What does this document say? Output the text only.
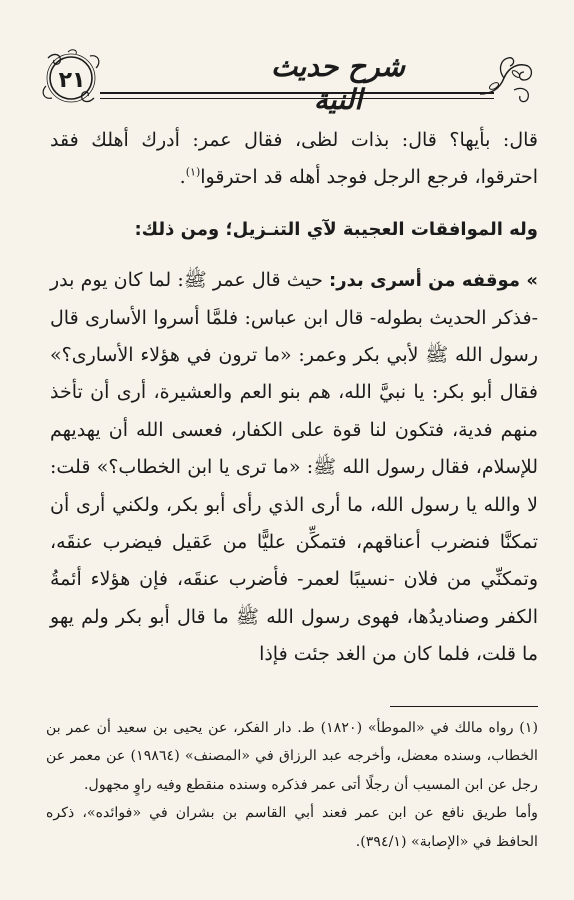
٢١	شرح حديث النية

قال: بأيها؟ قال: بذات لظى، فقال عمر: أدرك أهلك فقد احترقوا، فرجع الرجل فوجد أهله قد احترقوا$^{(١)}$.

وله الموافقات العجيبة لآي التنـزيل؛ ومن ذلك:

» موقفه من أسرى بدر: حيث قال عمر ﷺ: لما كان يوم بدر -فذكر الحديث بطوله- قال ابن عباس: فلمَّا أسروا الأسارى قال رسول الله ﷺ لأبي بكر وعمر: «ما ترون في هؤلاء الأسارى؟» فقال أبو بكر: يا نبيَّ الله، هم بنو العم والعشيرة، أرى أن تأخذ منهم فدية، فتكون لنا قوة على الكفار، فعسى الله أن يهديهم للإسلام، فقال رسول الله ﷺ: «ما ترى يا ابن الخطاب؟» قلت: لا والله يا رسول الله، ما أرى الذي رأى أبو بكر، ولكني أرى أن تمكنَّا فنضرب أعناقهم، فتمكِّن عليًّا من عَقيل فيضرب عنقَه، وتمكنِّي من فلان -نسيبًا لعمر- فأضرب عنقَه، فإن هؤلاء أئمةُ الكفر وصناديدُها، فهوى رسول الله ﷺ ما قال أبو بكر ولم يهو ما قلت، فلما كان من الغد جئت فإذا

(١) رواه مالك في «الموطأ» (١٨٢٠) ط. دار الفكر، عن يحيى بن سعيد أن عمر بن الخطاب، وسنده معضل، وأخرجه عبد الرزاق في «المصنف» (١٩٨٦٤) عن معمر عن رجل عن ابن المسيب أن رجلًا أتى عمر فذكره وسنده منقطع وفيه راوٍ مجهول.

وأما طريق نافع عن ابن عمر فعند أبي القاسم بن بشران في «فوائده»، ذكره الحافظ في «الإصابة» (٣٩٤/١).
